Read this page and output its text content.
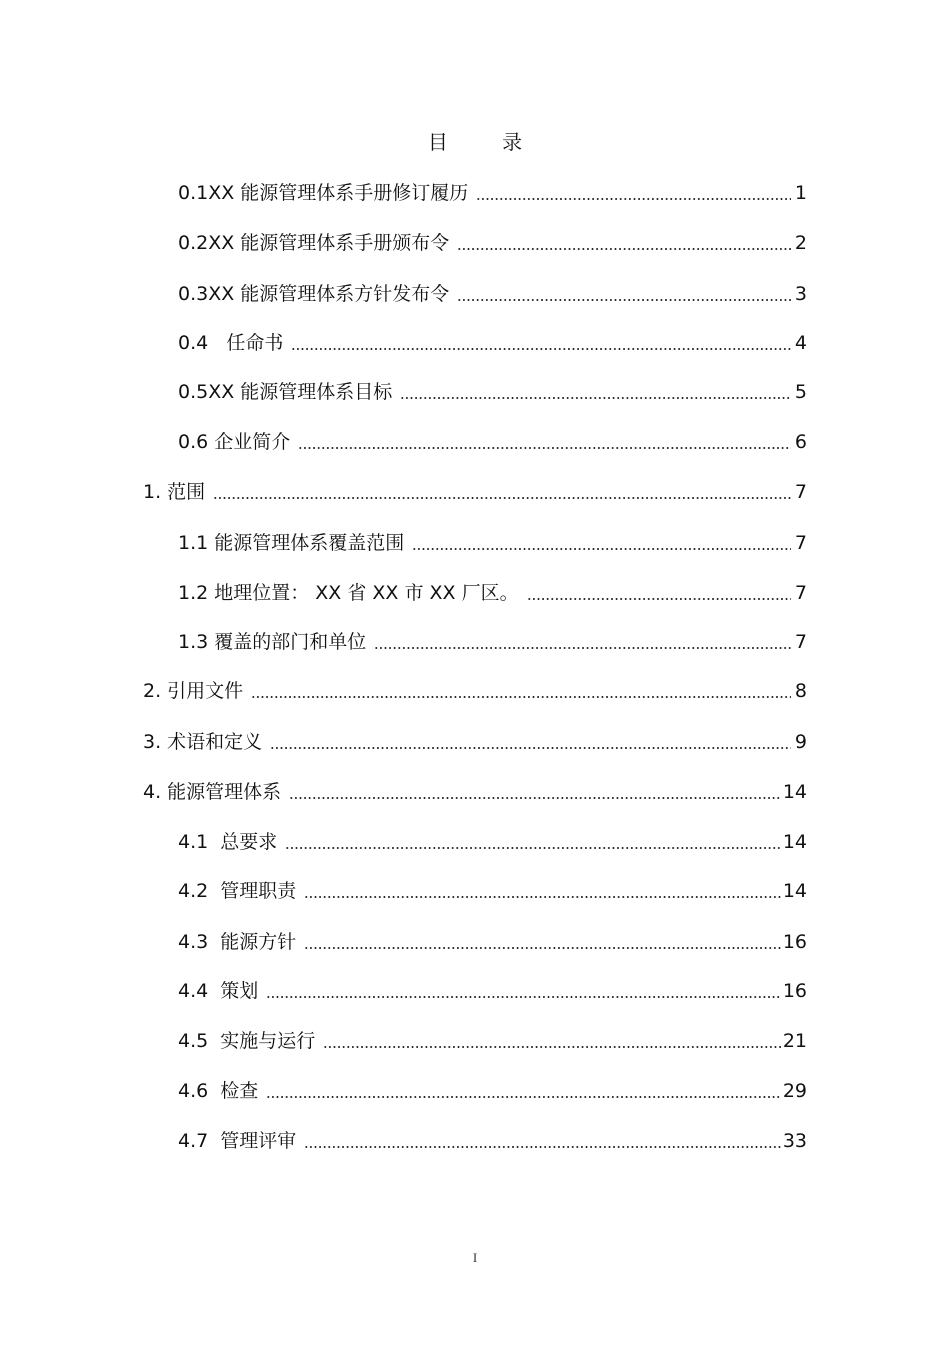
目 录
0.1XX 能源管理体系手册修订履历	1
0.2XX 能源管理体系手册颁布令	2
0.3XX 能源管理体系方针发布令	3
0.4   任命书	4
0.5XX 能源管理体系目标	5
0.6 企业简介	6
1. 范围	7
1.1 能源管理体系覆盖范围	7
1.2 地理位置： XX 省 XX 市 XX 厂区。	7
1.3 覆盖的部门和单位	7
2. 引用文件	8
3. 术语和定义	9
4. 能源管理体系	14
4.1  总要求	14
4.2  管理职责	14
4.3  能源方针	16
4.4  策划	16
4.5  实施与运行	21
4.6  检查	29
4.7  管理评审	33
I
